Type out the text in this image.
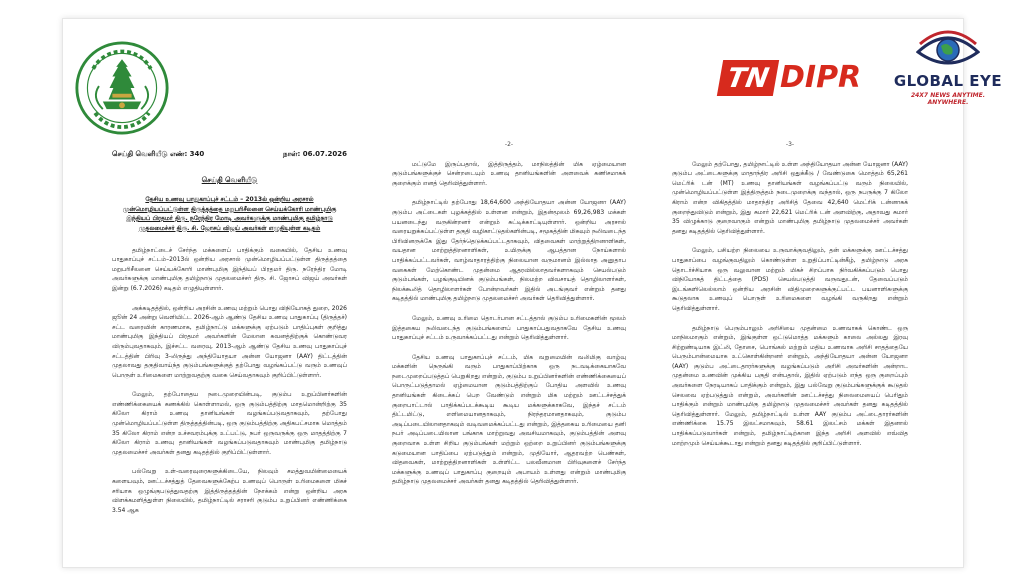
TN DIPR GLOBAL EYE
24X7 NEWS ANYTIME. ANYWHERE.
செய்தி வெளியீடு எண்: 340	நாள்: 06.07.2026
செய்தி வெளியீடு
தேசிய உணவு பாதுகாப்புச் சட்டம் – 2013ல் ஒன்றிய அரசால் முன்மொழியப்பட்டுள்ள திருத்தத்தை மறுபரிசீலனை செய்யக்கோரி மாண்புமிகு இந்தியப் பிரதமர் திரு. நரேந்திர மோடி அவர்களுக்கு மாண்புமிகு தமிழ்நாடு முதலமைச்சர் திரு. சி. ஜோசப் விஜய் அவர்கள் எழுதியுள்ள கடிதம்

தமிழ்நாட்டைச் சேர்ந்த மக்களைப் பாதிக்கும் வகையில், தேசிய உணவு பாதுகாப்புச் சட்டம்–2013ல் ஒன்றிய அரசால் முன்மொழியப்பட்டுள்ள திருத்தத்தை மறுபரிசீலனை செய்யக்கோரி மாண்புமிகு இந்தியப் பிரதமர் திரு. நரேந்திர மோடி அவர்களுக்கு மாண்புமிகு தமிழ்நாடு முதலமைச்சர் திரு. சி. ஜோசப் விஜய் அவர்கள் இன்று (6.7.2026) கடிதம் எழுதியுள்ளார்.

அக்கடிதத்தில், ஒன்றிய அரசின் உணவு மற்றும் பொது விநியோகத் துறை, 2026 ஜூன் 24 அன்று வெளியிட்ட 2026-ஆம் ஆண்டு தேசிய உணவு பாதுகாப்பு (திருத்தச்) சட்ட வரைவின் காரணமாக, தமிழ்நாட்டு மக்களுக்கு ஏற்படும் பாதிப்புகள் குறித்து மாண்புமிகு இந்தியப் பிரதமர் அவர்களின் மேலான கவனத்திற்குக் கொண்டுவர விரும்புவதாகவும், இச்சட்ட வரைவு, 2013-ஆம் ஆண்டு தேசிய உணவு பாதுகாப்புச் சட்டத்தின் பிரிவு 3-லிருந்து அந்தியோதயா அன்ன யோஜனா (AAY) திட்டத்தின் முதலாவது தகுதிவாய்ந்த குடும்பங்களுக்குத் தற்போது வழங்கப்பட்டு வரும் உணவுப் பொருள் உரிமைகளை மாற்றுவதற்கு வகை செய்வதாகவும் குறிப்பிட்டுள்ளார்.

மேலும், தற்போதைய நடைமுறையின்படி, குடும்ப உறுப்பினர்களின் எண்ணிக்கையைக் கணக்கில் கொள்ளாமல், ஒரு குடும்பத்திற்கு மாதமொன்றிற்கு 35 கிலோ கிராம் உணவு தானியங்கள் வழங்கப்படுவதாகவும், தற்போது முன்மொழியப்பட்டுள்ள திருத்தத்தின்படி, ஒரு குடும்பத்திற்கு அதிகபட்சமாக மொத்தம் 35 கிலோ கிராம் என்ற உச்சவரம்புக்கு உட்பட்டு, நபர் ஒருவருக்கு ஒரு மாதத்திற்கு 7 கிலோ கிராம் உணவு தானியங்கள் வழங்கப்படுவதாகவும் மாண்புமிகு தமிழ்நாடு முதலமைச்சர் அவர்கள் தனது கடிதத்தில் குறிப்பிட்டுள்ளார்.

பல்வேறு உள்-வரைவுரைகளுக்கிடையே, நிலவும் சமத்துவமின்மையைக் களையவும், ஊட்டச்சத்துத் தேவைகளுக்கேற்ப உணவுப் பொருள் உரிமைகளை மிகச் சரியாக ஒழுங்குபடுத்துவதற்கு இத்திருத்தத்தின் நோக்கம் என்று ஒன்றிய அரசு விளக்கமளித்துள்ள நிலையில், தமிழ்நாட்டில் சராசரி குடும்ப உறுப்பினர் எண்ணிக்கை 3.54 ஆக

-2-

மட்டுமே இருப்பதால், இத்திருத்தம், மாநிலத்தின் மிக ஏழ்மையான குடும்பங்களுக்குச் சென்றடையும் உணவு தானியங்களின் அளவைக் கணிசமாகக் குறைக்கும் எனத் தெரிவித்துள்ளார்.

தமிழ்நாட்டில் தற்போது 18,64,600 அந்தியோதயா அன்ன யோஜனா (AAY) குடும்ப அட்டைகள் புழக்கத்தில் உள்ளன என்றும், இதன்மூலம் 69,26,983 மக்கள் பயனடைந்து வருகின்றனர் என்றும் சுட்டிக்காட்டியுள்ளார். ஒன்றிய அரசால் வரையறுக்கப்பட்டுள்ள தகுதி வழிகாட்டுதல்களின்படி, சமூகத்தின் மிகவும் நலிவடைந்த பிரிவினருக்கே இது தேர்ந்தெடுக்கப்பட்டதாகவும், விதவைகள் மாற்றுத்திறனாளிகள், வயதான மாற்றுத்திறனாளிகள், உயிருக்கு ஆபத்தான நோய்களால் பாதிக்கப்பட்டவர்கள், வாழ்வாதாரத்திற்கு நிலையான வருமானம் இல்லாத அனுதாப வகைகள் மேற்கொண்ட முதன்மை ஆதரவில்லாதவர்களாகவும் செயல்படும் குடும்பங்கள், பழங்குடியினக் குடும்பங்கள், நிலமற்ற விவசாயத் தொழிலாளர்கள், நிலக்கூலித் தொழிலாளர்கள் போன்றவர்கள் இதில் அடங்குவர் என்றும் தனது கடிதத்தில் மாண்புமிகு தமிழ்நாடு முதலமைச்சர் அவர்கள் தெரிவித்துள்ளார்.

மேலும், உணவு உரிமை தொடர்பான சட்டத்தால் குடும்ப உரிமைகளின் மூலம் இத்தகைய நலிவடைந்த குடும்பங்களைப் பாதுகாப்பதுவதாகவே தேசிய உணவு பாதுகாப்புச் சட்டம் உருவாக்கப்பட்டது என்றும் தெரிவித்துள்ளார்.

தேசிய உணவு பாதுகாப்புச் சட்டம், மிக வறுமையின் வலிமிகு வாழ்வு மக்களின் நெருங்கி வரும் பாதுகாப்பிற்காக ஒரு நடவடிக்கையாகவே நடைமுறைப்படுத்தப் பெறுகிறது என்றும், குடும்ப உறுப்பினர்களின் எண்ணிக்கையைப் பொருட்படுத்தாமல் ஏழ்மையான குடும்பத்திற்குப் போதிய அளவில் உணவு தானியங்கள் கிடைக்கப் பெற வேண்டும் என்றும் மிக மற்றும் ஊட்டச்சத்துக் குறைபாட்டால் பாதிக்கப்படக்கூடிய கூடிய மக்களுக்காகவே, இந்தச் சட்டம் திட்டமிட்டு, எளிமையானதாகவும், நிரந்தரமானதாகவும், குடும்ப அடிப்படையிலானதாகவும் வடிவமைக்கப்பட்டது என்றும், இத்தகைய உரிமையை தனி நபர் அடிப்படையிலான பங்காக மாற்றுவது அவசியமாகவும், குடும்பத்தின் அளவு குறைவாக உள்ள சிறிய குடும்பங்கள் மற்றும் ஒற்றை உறுப்பினர் குடும்பங்களுக்கு கடுமையான பாதிப்பை ஏற்படுத்தும் என்றும், முதியோர், ஆதரவற்ற பெண்கள், விதவைகள், மாற்றுத்திறனாளிகள் உள்ளிட்ட பலவீனமான பிரிவுகளைச் சேர்ந்த மக்களுக்கு உணவுப் பாதுகாப்பு குறையும் அபாயம் உள்ளது என்றும் மாண்புமிகு தமிழ்நாடு முதலமைச்சர் அவர்கள் தனது கடிதத்தில் தெரிவித்துள்ளார்.

-3-

மேலும் தற்போது, தமிழ்நாட்டில் உள்ள அந்தியோதயா அன்ன யோஜனா (AAY) குடும்ப அட்டைகளுக்கு மாதாந்திர அரிசி ஒதுக்கீடு / வேண்டுகை மொத்தம் 65,261 மெட்ரிக் டன் (MT) உணவு தானியங்கள் வழங்கப்பட்டு வரும் நிலையில், முன்மொழியப்பட்டுள்ள இத்திருத்தம் நடைமுறைக்கு வந்தால், ஒரு நபருக்கு 7 கிலோ கிராம் என்ற விகிதத்தில் மாதாந்திர அரிசித் தேவை 42,640 மெட்ரிக் டன்னாகக் குறைந்துவிடும் என்றும், இது சுமார் 22,621 மெட்ரிக் டன் அளவிற்கு, அதாவது சுமார் 35 விழுக்காடு குறைவாகும் என்றும் மாண்புமிகு தமிழ்நாடு முதலமைச்சர் அவர்கள் தனது கடிதத்தில் தெரிவித்துள்ளார்.

மேலும், பசியற்ற நிலையை உருவாக்குவதிலும், தன் மக்களுக்கு ஊட்டச்சத்து பாதுகாப்பை வழங்குவதிலும் கொண்டுள்ள உறுதிப்பாட்டின்கீழ், தமிழ்நாடு அரசு தொடர்ச்சியாக ஒரு வலுவான மற்றும் மிகச் சிறப்பாக நிர்வகிக்கப்படும் பொது விநியோகத் திட்டத்தை (PDS) செயல்படுத்தி வருவதுடன், தேவைப்படும் இடங்களிலெல்லாம் ஒன்றிய அரசின் விதிமுறைகளுக்குட்பட்ட பயனாளிகளுக்கு கூடுதலாக உணவுப் பொருள் உரிமைகளை வழங்கி வருகிறது என்றும் தெரிவித்துள்ளார்.

தமிழ்நாடு பெரும்பாலும் அரிசியை முதன்மை உணவாகக் கொண்ட ஒரு மாநிலமாகும் என்றும், இங்குள்ள ஒட்டுமொத்த மக்களும் காலை அல்லது இரவு சிற்றுண்டியாக இட்லி, தோசை, பொங்கல் மற்றும் மதிய உணவாக அரிசி சாதத்தையே பெரும்பான்மையாக உட்கொள்கின்றனர் என்றும், அந்தியோதயா அன்ன யோஜனா (AAY) குடும்ப அட்டைதாரர்களுக்கு வழங்கப்படும் அரிசி அவர்களின் அன்றாட முதன்மை உணவின் முக்கிய பகுதி என்பதால், இதில் ஏற்படும் எந்த ஒரு குறைப்பும் அவர்களை நேரடியாகப் பாதிக்கும் என்றும், இது பல்வேறு குடும்பங்களுக்குக் கூடுதல் செலவை ஏற்படுத்தும் என்றும், அவர்களின் ஊட்டச்சத்து நிலைமையைப் பெரிதும் பாதிக்கும் என்றும் மாண்புமிகு தமிழ்நாடு முதலமைச்சர் அவர்கள் தனது கடிதத்தில் தெரிவித்துள்ளார். மேலும், தமிழ்நாட்டில் உள்ள AAY குடும்ப அட்டைதாரர்களின் எண்ணிக்கை 15.75 இலட்சமாகவும், 58.61 இலட்சம் மக்கள் இதனால் பாதிக்கப்படுவார்கள் என்றும், தமிழ்நாட்டிற்கான இந்த அரிசி அளவில் எவ்வித மாற்றமும் செய்யக்கூடாது என்றும் தனது கடிதத்தில் குறிப்பிட்டுள்ளார்.
